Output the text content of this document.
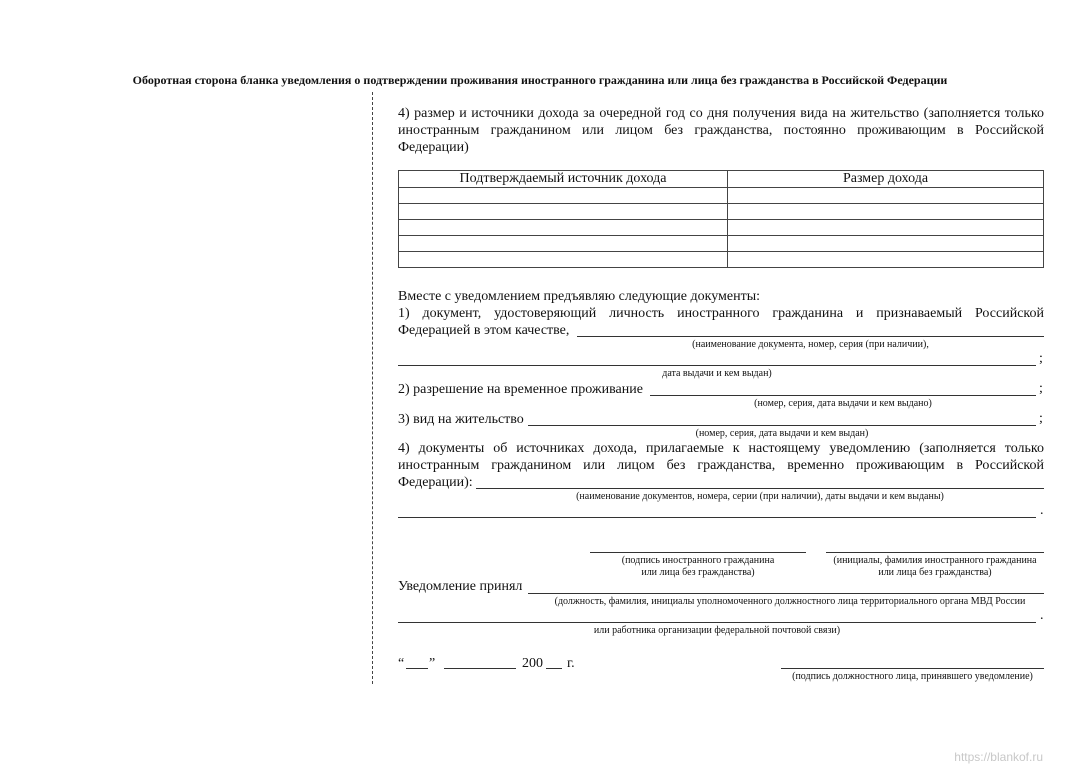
Оборотная сторона бланка уведомления о подтверждении проживания иностранного гражданина или лица без гражданства в Российской Федерации
4) размер и источники дохода за очередной год со дня получения вида на жительство (заполняется только иностранным гражданином или лицом без гражданства, постоянно проживающим в Российской Федерации)
Подтверждаемый источник дохода	Размер дохода

Вместе с уведомлением предъявляю следующие документы:
1) документ, удостоверяющий личность иностранного гражданина и признаваемый Российской
Федерацией в этом качестве,
(наименование документа, номер, серия (при наличии),
;
дата выдачи и кем выдан)
2) разрешение на временное проживание	;
(номер, серия, дата выдачи и кем выдано)
3) вид на жительство	;
(номер, серия, дата выдачи и кем выдан)
4) документы об источниках дохода, прилагаемые к настоящему уведомлению (заполняется только иностранным гражданином или лицом без гражданства, временно проживающим в Российской Федерации):
(наименование документов, номера, серии (при наличии), даты выдачи и кем выданы)
.
(подпись иностранного гражданина
или лица без гражданства)
(инициалы, фамилия иностранного гражданина
или лица без гражданства)
Уведомление принял
(должность, фамилия, инициалы уполномоченного должностного лица территориального органа МВД России
.
или работника организации федеральной почтовой связи)
“ ”	200 г.
(подпись должностного лица, принявшего уведомление)
https://blankof.ru
